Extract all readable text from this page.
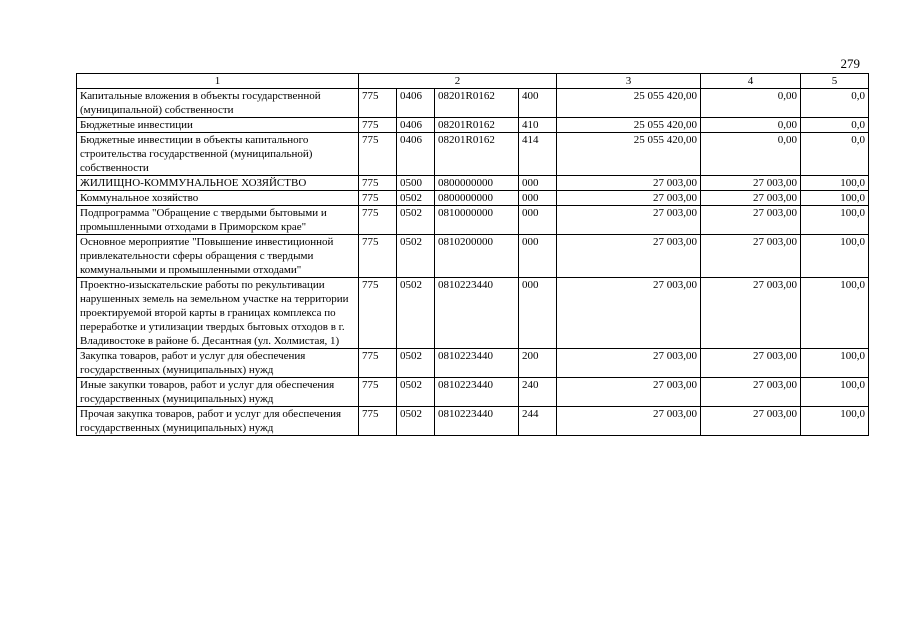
279
1	2				3	4	5
Капитальные вложения в объекты государственной (муниципальной) собственности	775	0406	08201R0162	400	25 055 420,00	0,00	0,0
Бюджетные инвестиции	775	0406	08201R0162	410	25 055 420,00	0,00	0,0
Бюджетные инвестиции в объекты капитального строительства государственной (муниципальной) собственности	775	0406	08201R0162	414	25 055 420,00	0,00	0,0
ЖИЛИЩНО-КОММУНАЛЬНОЕ ХОЗЯЙСТВО	775	0500	0800000000	000	27 003,00	27 003,00	100,0
Коммунальное хозяйство	775	0502	0800000000	000	27 003,00	27 003,00	100,0
Подпрограмма "Обращение с твердыми бытовыми и промышленными отходами в Приморском крае"	775	0502	0810000000	000	27 003,00	27 003,00	100,0
Основное мероприятие "Повышение инвестиционной привлекательности сферы обращения с твердыми коммунальными и промышленными отходами"	775	0502	0810200000	000	27 003,00	27 003,00	100,0
Проектно-изыскательские работы по рекультивации нарушенных земель на земельном участке на территории проектируемой второй карты в границах комплекса по переработке и утилизации твердых бытовых отходов в г. Владивостоке в районе б. Десантная (ул. Холмистая, 1)	775	0502	0810223440	000	27 003,00	27 003,00	100,0
Закупка товаров, работ и услуг для обеспечения государственных (муниципальных) нужд	775	0502	0810223440	200	27 003,00	27 003,00	100,0
Иные закупки товаров, работ и услуг для обеспечения государственных (муниципальных) нужд	775	0502	0810223440	240	27 003,00	27 003,00	100,0
Прочая закупка товаров, работ и услуг для обеспечения государственных (муниципальных) нужд	775	0502	0810223440	244	27 003,00	27 003,00	100,0
